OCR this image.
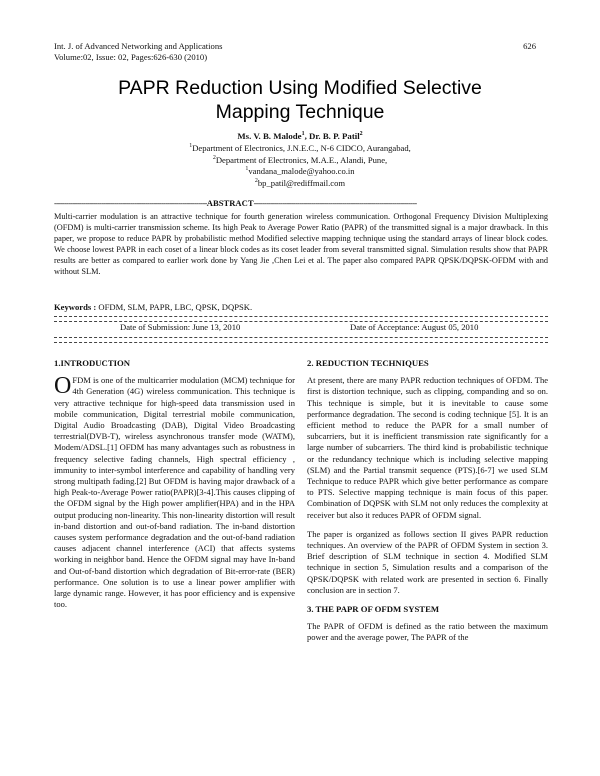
Int. J. of Advanced Networking and Applications
Volume:02, Issue: 02, Pages:626-630 (2010)
626
PAPR Reduction Using Modified Selective
Mapping Technique
Ms. V. B. Malode$^1$, Dr. B. P. Patil$^2$
$^1$Department of Electronics, J.N.E.C., N-6 CIDCO, Aurangabad,
$^2$Department of Electronics, M.A.E., Alandi, Pune,
$^1$vandana_malode@yahoo.co.in
$^2$bp_patil@rediffmail.com
--------------------------------------------------------------------------ABSTRACT-------------------------------------------------------------------------------
Multi-carrier modulation is an attractive technique for fourth generation wireless communication. Orthogonal Frequency Division Multiplexing (OFDM) is multi-carrier transmission scheme. Its high Peak to Average Power Ratio (PAPR) of the transmitted signal is a major drawback. In this paper, we propose to reduce PAPR by probabilistic method Modified selective mapping technique using the standard arrays of linear block codes. We choose lowest PAPR in each coset of a linear block codes as its coset leader from several transmitted signal. Simulation results show that PAPR results are better as compared to earlier work done by Yang Jie ,Chen Lei et al. The paper also compared PAPR QPSK/DQPSK-OFDM with and without SLM.
Keywords : OFDM, SLM, PAPR, LBC, QPSK, DQPSK.
Date of Submission: June 13, 2010	Date of Acceptance: August 05, 2010
1.INTRODUCTION

OFDM is one of the multicarrier modulation (MCM) technique for 4th Generation (4G) wireless communication. This technique is very attractive technique for high-speed data transmission used in mobile communication, Digital terrestrial mobile communication, Digital Audio Broadcasting (DAB), Digital Video Broadcasting terrestrial(DVB-T), wireless asynchronous transfer mode (WATM), Modem/ADSL.[1] OFDM has many advantages such as robustness in frequency selective fading channels, High spectral efficiency , immunity to inter-symbol interference and capability of handling very strong multipath fading.[2] But OFDM is having major drawback of a high Peak-to-Average Power ratio(PAPR)[3-4].This causes clipping of the OFDM signal by the High power amplifier(HPA) and in the HPA output producing non-linearity. This non-linearity distortion will result in-band distortion and out-of-band radiation. The in-band distortion causes system performance degradation and the out-of-band radiation causes adjacent channel interference (ACI) that affects systems working in neighbor band. Hence the OFDM signal may have In-band and Out-of-band distortion which degradation of Bit-error-rate (BER) performance. One solution is to use a linear power amplifier with large dynamic range. However, it has poor efficiency and is expensive too.

2. REDUCTION TECHNIQUES

At present, there are many PAPR reduction techniques of OFDM. The first is distortion technique, such as clipping, companding and so on. This technique is simple, but it is inevitable to cause some performance degradation. The second is coding technique [5]. It is an efficient method to reduce the PAPR for a small number of subcarriers, but it is inefficient transmission rate significantly for a large number of subcarriers. The third kind is probabilistic technique or the redundancy technique which is including selective mapping (SLM) and the Partial transmit sequence (PTS).[6-7] we used SLM Technique to reduce PAPR which give better performance as compare to PTS. Selective mapping technique is main focus of this paper. Combination of DQPSK with SLM not only reduces the complexity at receiver but also it reduces PAPR of OFDM signal.

The paper is organized as follows section II gives PAPR reduction techniques. An overview of the PAPR of OFDM System in section 3. Brief description of SLM technique in section 4. Modified SLM technique in section 5, Simulation results and a comparison of the QPSK/DQPSK with related work are presented in section 6. Finally conclusion are in section 7.

3. THE PAPR OF OFDM SYSTEM

The PAPR of OFDM is defined as the ratio between the maximum power and the average power, The PAPR of the
